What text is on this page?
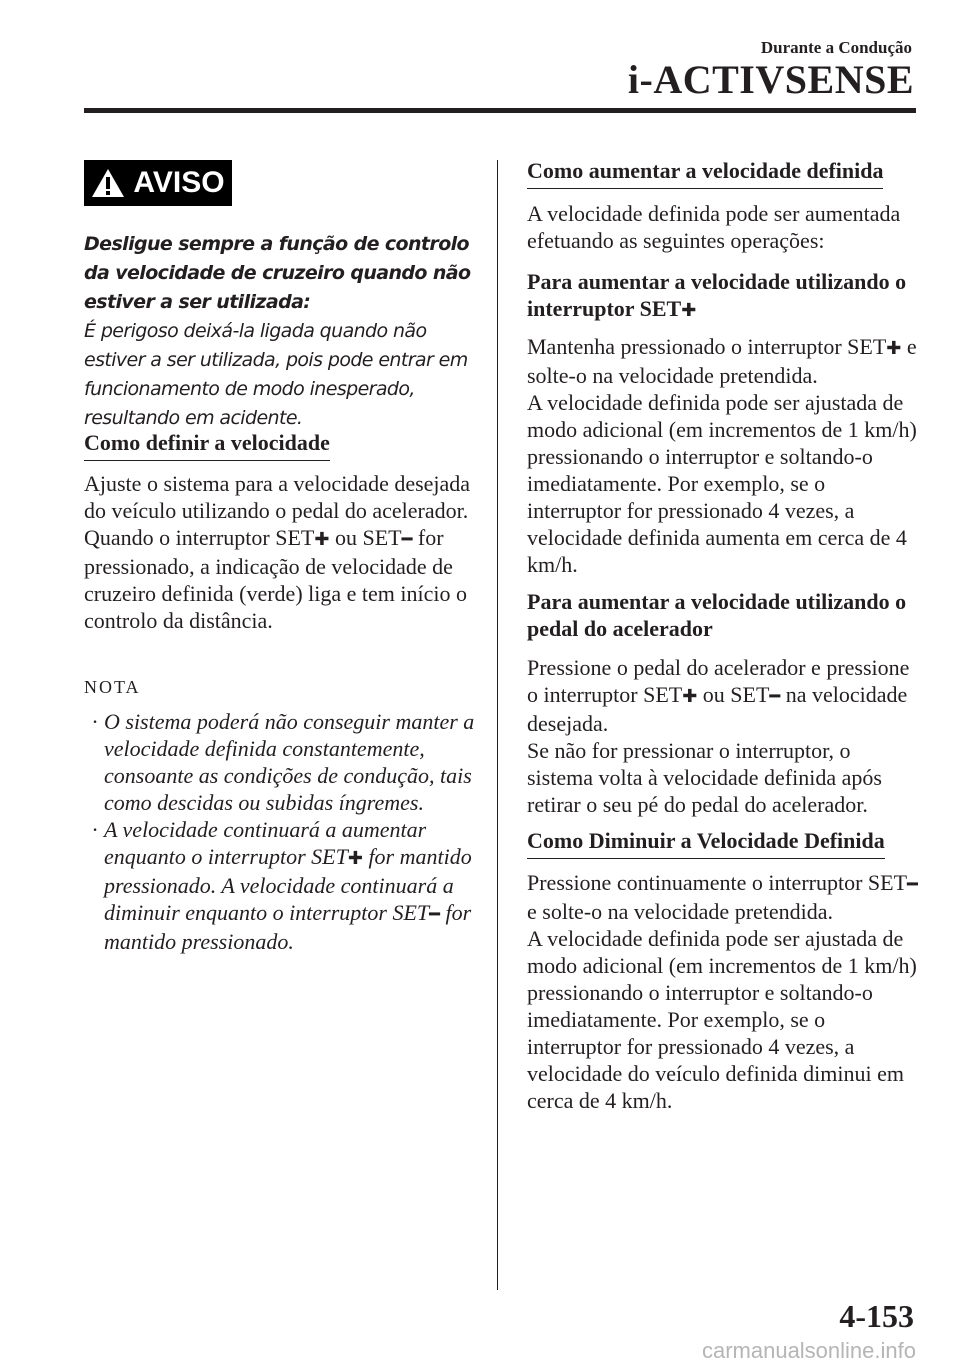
Durante a Condução
i-ACTIVSENSE
AVISO

Desligue sempre a função de controlo da velocidade de cruzeiro quando não estiver a ser utilizada:

É perigoso deixá-la ligada quando não estiver a ser utilizada, pois pode entrar em funcionamento de modo inesperado, resultando em acidente.

Como definir a velocidade

Ajuste o sistema para a velocidade desejada do veículo utilizando o pedal do acelerador.

Quando o interruptor SET✚ ou SET━ for pressionado, a indicação de velocidade de cruzeiro definida (verde) liga e tem início o controlo da distância.

NOTA

· O sistema poderá não conseguir manter a velocidade definida constantemente, consoante as condições de condução, tais como descidas ou subidas íngremes.

· A velocidade continuará a aumentar enquanto o interruptor SET✚ for mantido pressionado. A velocidade continuará a diminuir enquanto o interruptor SET━ for mantido pressionado.

Como aumentar a velocidade definida
A velocidade definida pode ser aumentada efetuando as seguintes operações:
Para aumentar a velocidade utilizando o interruptor SET✚

Mantenha pressionado o interruptor SET✚ e solte-o na velocidade pretendida.

A velocidade definida pode ser ajustada de modo adicional (em incrementos de 1 km/h) pressionando o interruptor e soltando-o imediatamente. Por exemplo, se o interruptor for pressionado 4 vezes, a velocidade definida aumenta em cerca de 4 km/h.

Para aumentar a velocidade utilizando o pedal do acelerador

Pressione o pedal do acelerador e pressione o interruptor SET✚ ou SET━ na velocidade desejada.

Se não for pressionar o interruptor, o sistema volta à velocidade definida após retirar o seu pé do pedal do acelerador.

Como Diminuir a Velocidade Definida

Pressione continuamente o interruptor SET━ e solte-o na velocidade pretendida.

A velocidade definida pode ser ajustada de modo adicional (em incrementos de 1 km/h) pressionando o interruptor e soltando-o imediatamente. Por exemplo, se o interruptor for pressionado 4 vezes, a velocidade do veículo definida diminui em cerca de 4 km/h.

4-153
carmanualsonline.info
